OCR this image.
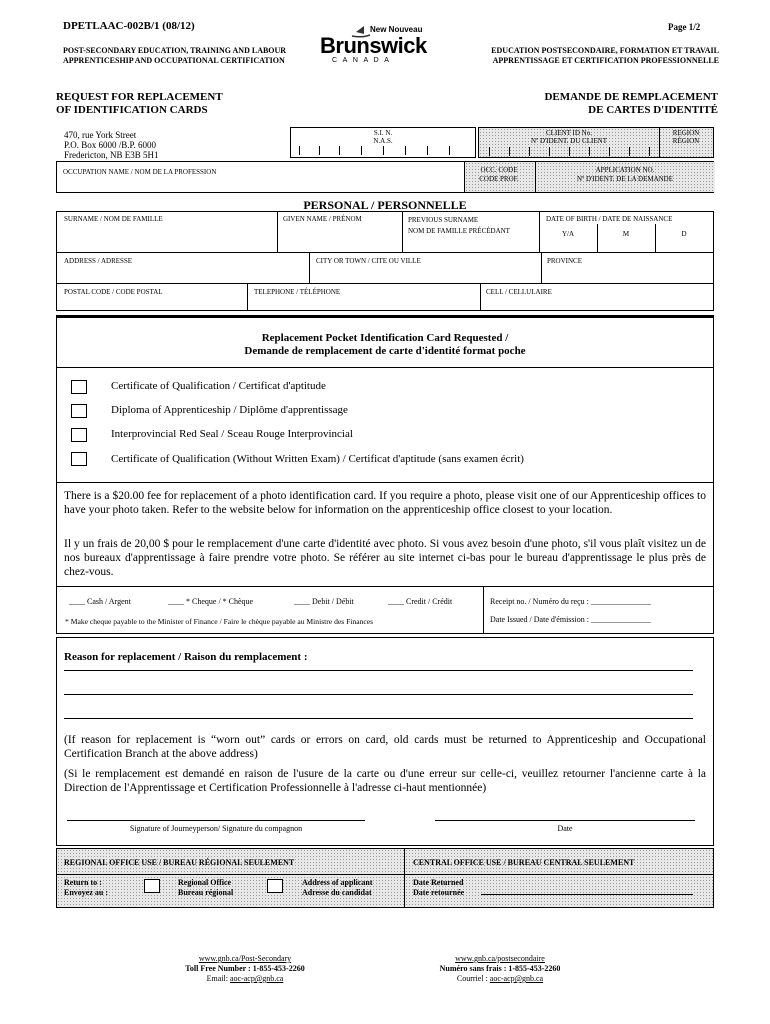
DPETLAAC-002B/1 (08/12)	Page 1/2
POST-SECONDARY EDUCATION, TRAINING AND LABOUR
APPRENTICESHIP AND OCCUPATIONAL CERTIFICATION
EDUCATION POSTSECONDAIRE, FORMATION ET TRAVAIL
APPRENTISSAGE ET CERTIFICATION PROFESSIONNELLE
New Nouveau
Brunswick
C A N A D A
REQUEST FOR REPLACEMENT
OF IDENTIFICATION CARDS
DEMANDE DE REMPLACEMENT
DE CARTES D'IDENTITÉ
470, rue York Street
P.O. Box 6000 /B.P. 6000
Fredericton, NB E3B 5H1
S.I. N.
N.A.S.
CLIENT ID No.
Nº D'IDENT. DU CLIENT
REGION
RÉGION
OCCUPATION NAME / NOM DE LA PROFESSION	OCC. CODE
CODE PROF.
APPLICATION NO.
Nº D'IDENT. DE LA DEMANDE
PERSONAL / PERSONNELLE
SURNAME / NOM DE FAMILLE	GIVEN NAME / PRÉNOM	PREVIOUS SURNAME
NOM DE FAMILLE PRÉCÉDANT
DATE OF BIRTH / DATE DE NAISSANCE
Y/A	M	D
ADDRESS / ADRESSE	CITY OR TOWN / CITE OU VILLE	PROVINCE
POSTAL CODE / CODE POSTAL	TELEPHONE / TÉLÉPHONE	CELL / CELLULAIRE
Replacement Pocket Identification Card Requested /
Demande de remplacement de carte d'identité format poche
Certificate of Qualification / Certificat d'aptitude
Diploma of Apprenticeship / Diplôme d'apprentissage
Interprovincial Red Seal / Sceau Rouge Interprovincial
Certificate of Qualification (Without Written Exam) / Certificat d'aptitude (sans examen écrit)
There is a $20.00 fee for replacement of a photo identification card. If you require a photo, please visit one of our Apprenticeship offices to have your photo taken. Refer to the website below for information on the apprenticeship office closest to your location.
Il y un frais de 20,00 $ pour le remplacement d'une carte d'identité avec photo. Si vous avez besoin d'une photo, s'il vous plaît visitez un de nos bureaux d'apprentissage à faire prendre votre photo. Se référer au site internet ci-bas pour le bureau d'apprentissage le plus près de chez-vous.
____ Cash / Argent	____ * Cheque / * Chèque	____ Debit / Débit	____ Credit / Crédit
* Make cheque payable to the Minister of Finance / Faire le chèque payable au Ministre des Finances
Receipt no. / Numéro du reçu : _______________
Date Issued / Date d'émission : _______________
Reason for replacement / Raison du remplacement :
(If reason for replacement is “worn out” cards or errors on card, old cards must be returned to Apprenticeship and Occupational Certification Branch at the above address)
(Si le remplacement est demandé en raison de l'usure de la carte ou d'une erreur sur celle-ci, veuillez retourner l'ancienne carte à la Direction de l'Apprentissage et Certification Professionnelle à l'adresse ci-haut mentionnée)
Signature of Journeyperson/ Signature du compagnon	Date
REGIONAL OFFICE USE / BUREAU RÉGIONAL SEULEMENT	CENTRAL OFFICE USE / BUREAU CENTRAL SEULEMENT
Return to :
Envoyez au :
Regional Office
Bureau régional
Address of applicant
Adresse du candidat
Date Returned
Date retournée
www.gnb.ca/Post-Secondary
Toll Free Number : 1-855-453-2260
Email: aoc-acp@gnb.ca
www.gnb.ca/postsecondaire
Numéro sans frais : 1-855-453-2260
Courriel : aoc-acp@gnb.ca
